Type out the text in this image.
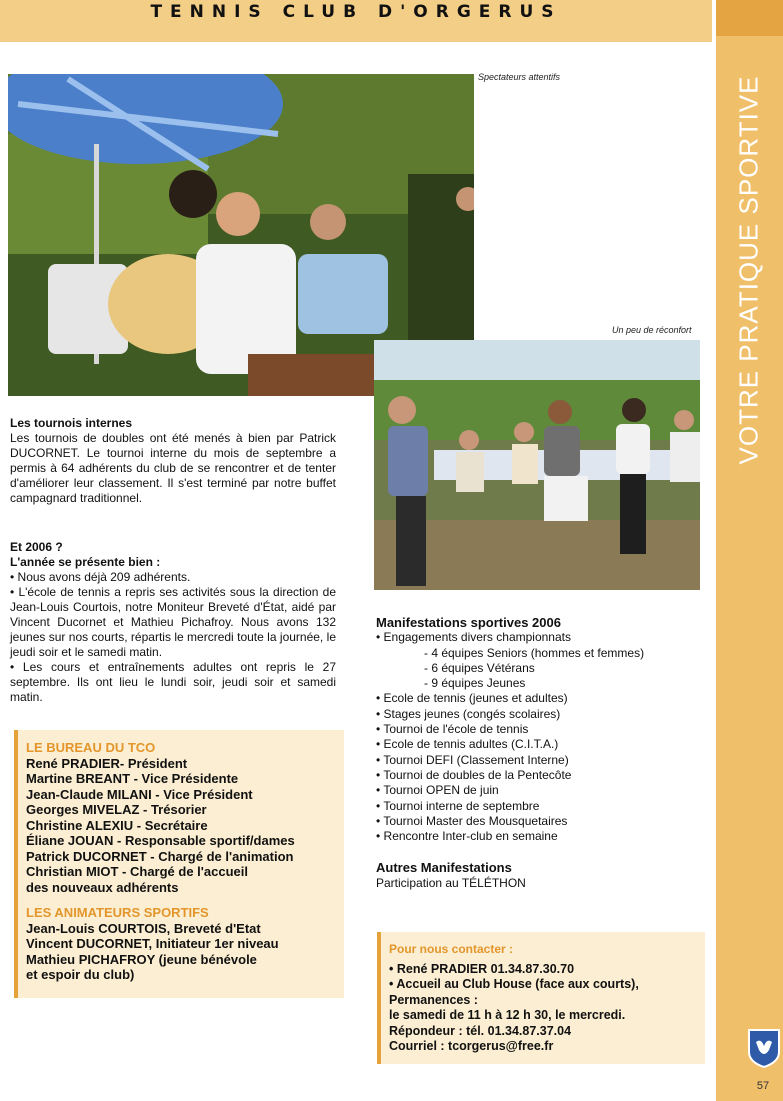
TENNIS CLUB D'ORGERUS
VOTRE PRATIQUE SPORTIVE
57
Spectateurs attentifs
Un peu de réconfort
Les tournois internes
Les tournois de doubles ont été menés à bien par Patrick DUCORNET. Le tournoi interne du mois de septembre a permis à 64 adhérents du club de se rencontrer et de tenter d'améliorer leur classement. Il s'est terminé par notre buffet campagnard traditionnel.
Et 2006 ?
L'année se présente bien :
• Nous avons déjà 209 adhérents.
• L'école de tennis a repris ses activités sous la direction de Jean-Louis Courtois, notre Moniteur Breveté d'État, aidé par Vincent Ducornet et Mathieu Pichafroy. Nous avons 132 jeunes sur nos courts, répartis le mercredi toute la journée, le jeudi soir et le samedi matin.
• Les cours et entraînements adultes ont repris le 27 septembre. Ils ont lieu le lundi soir, jeudi soir et samedi matin.
LE BUREAU DU TCO
René PRADIER- Président
Martine BREANT - Vice Présidente
Jean-Claude MILANI - Vice Président
Georges MIVELAZ - Trésorier
Christine ALEXIU - Secrétaire
Éliane JOUAN - Responsable sportif/dames
Patrick DUCORNET - Chargé de l'animation
Christian MIOT - Chargé de l'accueil
des nouveaux adhérents
LES ANIMATEURS SPORTIFS
Jean-Louis COURTOIS, Breveté d'Etat
Vincent DUCORNET, Initiateur 1er niveau
Mathieu PICHAFROY (jeune bénévole
et espoir du club)
Manifestations sportives 2006
• Engagements divers championnats
- 4 équipes Seniors (hommes et femmes)
- 6 équipes Vétérans
- 9 équipes Jeunes
• Ecole de tennis (jeunes et adultes)
• Stages jeunes (congés scolaires)
• Tournoi de l'école de tennis
• Ecole de tennis adultes (C.I.T.A.)
• Tournoi DEFI (Classement Interne)
• Tournoi de doubles de la Pentecôte
• Tournoi OPEN de juin
• Tournoi interne de septembre
• Tournoi Master des Mousquetaires
• Rencontre Inter-club en semaine
Autres Manifestations
Participation au TÉLÉTHON
Pour nous contacter :
• René PRADIER 01.34.87.30.70
• Accueil au Club House (face aux courts),
Permanences :
le samedi de 11 h à 12 h 30, le mercredi.
Répondeur : tél. 01.34.87.37.04
Courriel : tcorgerus@free.fr
